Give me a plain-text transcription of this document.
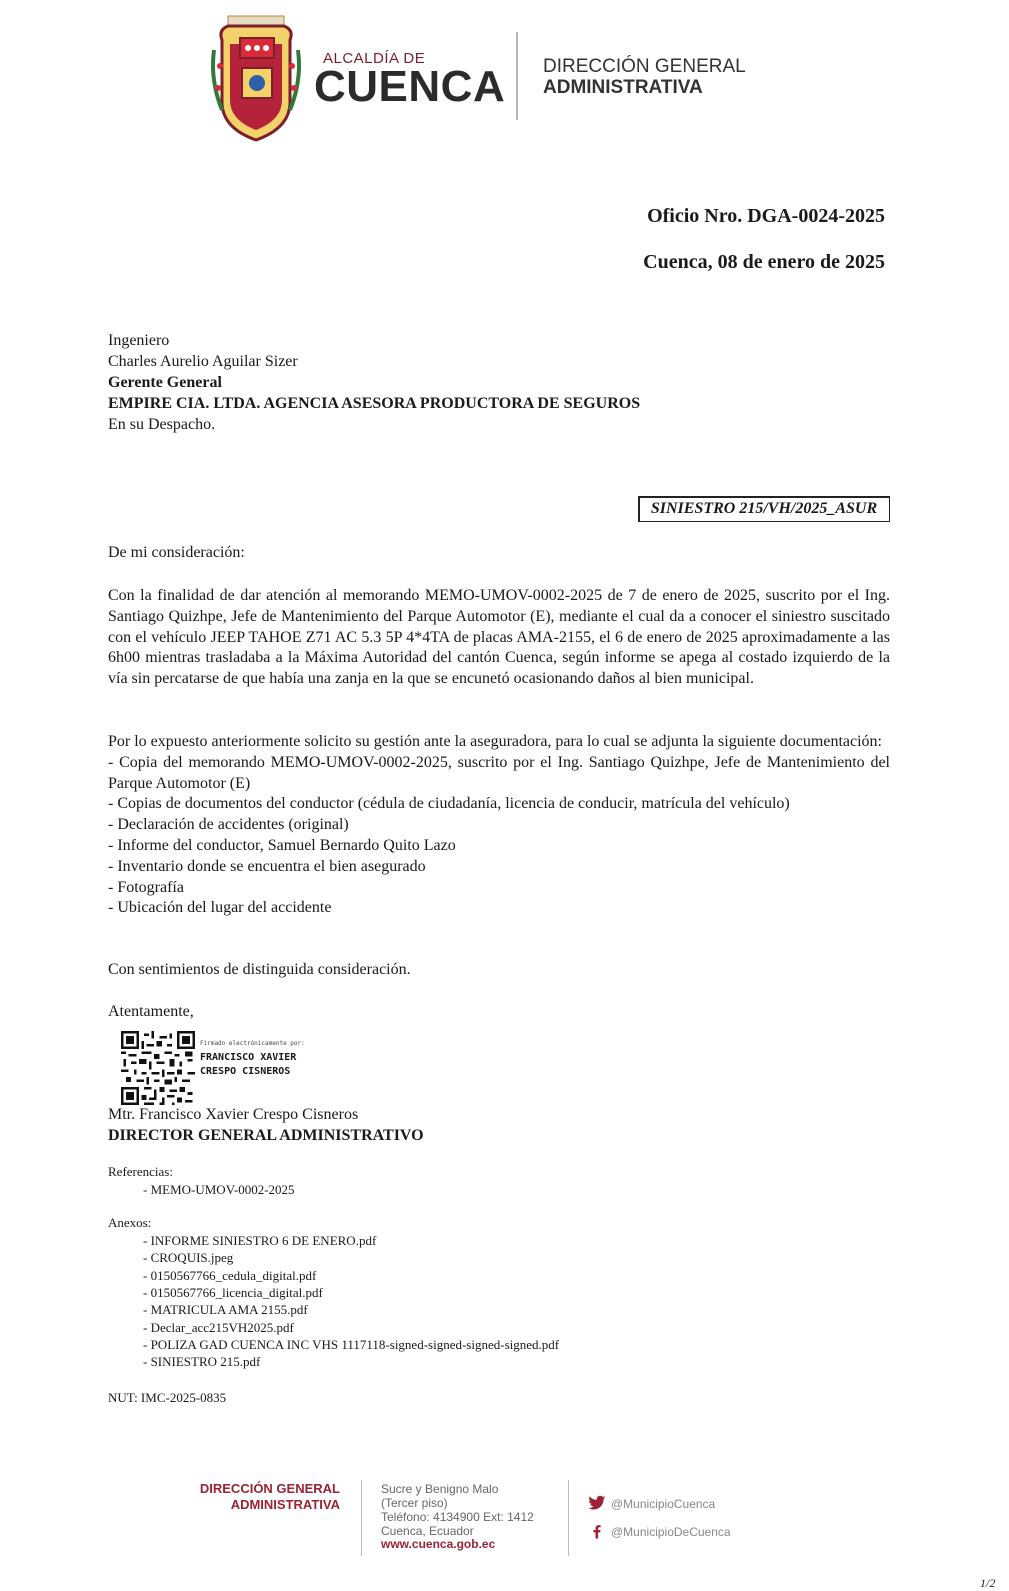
ALCALDÍA DE
CUENCA DIRECCIÓN GENERAL
ADMINISTRATIVA
Oficio Nro. DGA-0024-2025
Cuenca, 08 de enero de 2025
Ingeniero
Charles Aurelio Aguilar Sizer
Gerente General
EMPIRE CIA. LTDA. AGENCIA ASESORA PRODUCTORA DE SEGUROS
En su Despacho.
SINIESTRO 215/VH/2025_ASUR
De mi consideración:

Con la finalidad de dar atención al memorando MEMO-UMOV-0002-2025 de 7 de enero de 2025, suscrito por el Ing. Santiago Quizhpe, Jefe de Mantenimiento del Parque Automotor (E), mediante el cual da a conocer el siniestro suscitado con el vehículo JEEP TAHOE Z71 AC 5.3 5P 4*4TA de placas AMA-2155, el 6 de enero de 2025 aproximadamente a las 6h00 mientras trasladaba a la Máxima Autoridad del cantón Cuenca, según informe se apega al costado izquierdo de la vía sin percatarse de que había una zanja en la que se encunetó ocasionando daños al bien municipal.

Por lo expuesto anteriormente solicito su gestión ante la aseguradora, para lo cual se adjunta la siguiente documentación:

- Copia del memorando MEMO-UMOV-0002-2025, suscrito por el Ing. Santiago Quizhpe, Jefe de Mantenimiento del Parque Automotor (E)

- Copias de documentos del conductor (cédula de ciudadanía, licencia de conducir, matrícula del vehículo)

- Declaración de accidentes (original)

- Informe del conductor, Samuel Bernardo Quito Lazo

- Inventario donde se encuentra el bien asegurado

- Fotografía

- Ubicación del lugar del accidente

Con sentimientos de distinguida consideración.
Atentamente,
Firmado electrónicamente por:
FRANCISCO XAVIER
CRESPO CISNEROS
Mtr. Francisco Xavier Crespo Cisneros
DIRECTOR GENERAL ADMINISTRATIVO
Referencias:
- MEMO-UMOV-0002-2025
Anexos:
- INFORME SINIESTRO 6 DE ENERO.pdf
- CROQUIS.jpeg
- 0150567766_cedula_digital.pdf
- 0150567766_licencia_digital.pdf
- MATRICULA AMA 2155.pdf
- Declar_acc215VH2025.pdf
- POLIZA GAD CUENCA INC VHS 1117118-signed-signed-signed-signed.pdf
- SINIESTRO 215.pdf
NUT: IMC-2025-0835
DIRECCIÓN GENERAL
ADMINISTRATIVA
Sucre y Benigno Malo
(Tercer piso)
Teléfono: 4134900 Ext: 1412
Cuenca, Ecuador
www.cuenca.gob.ec
@MunicipioCuenca
@MunicipioDeCuenca
1/2
